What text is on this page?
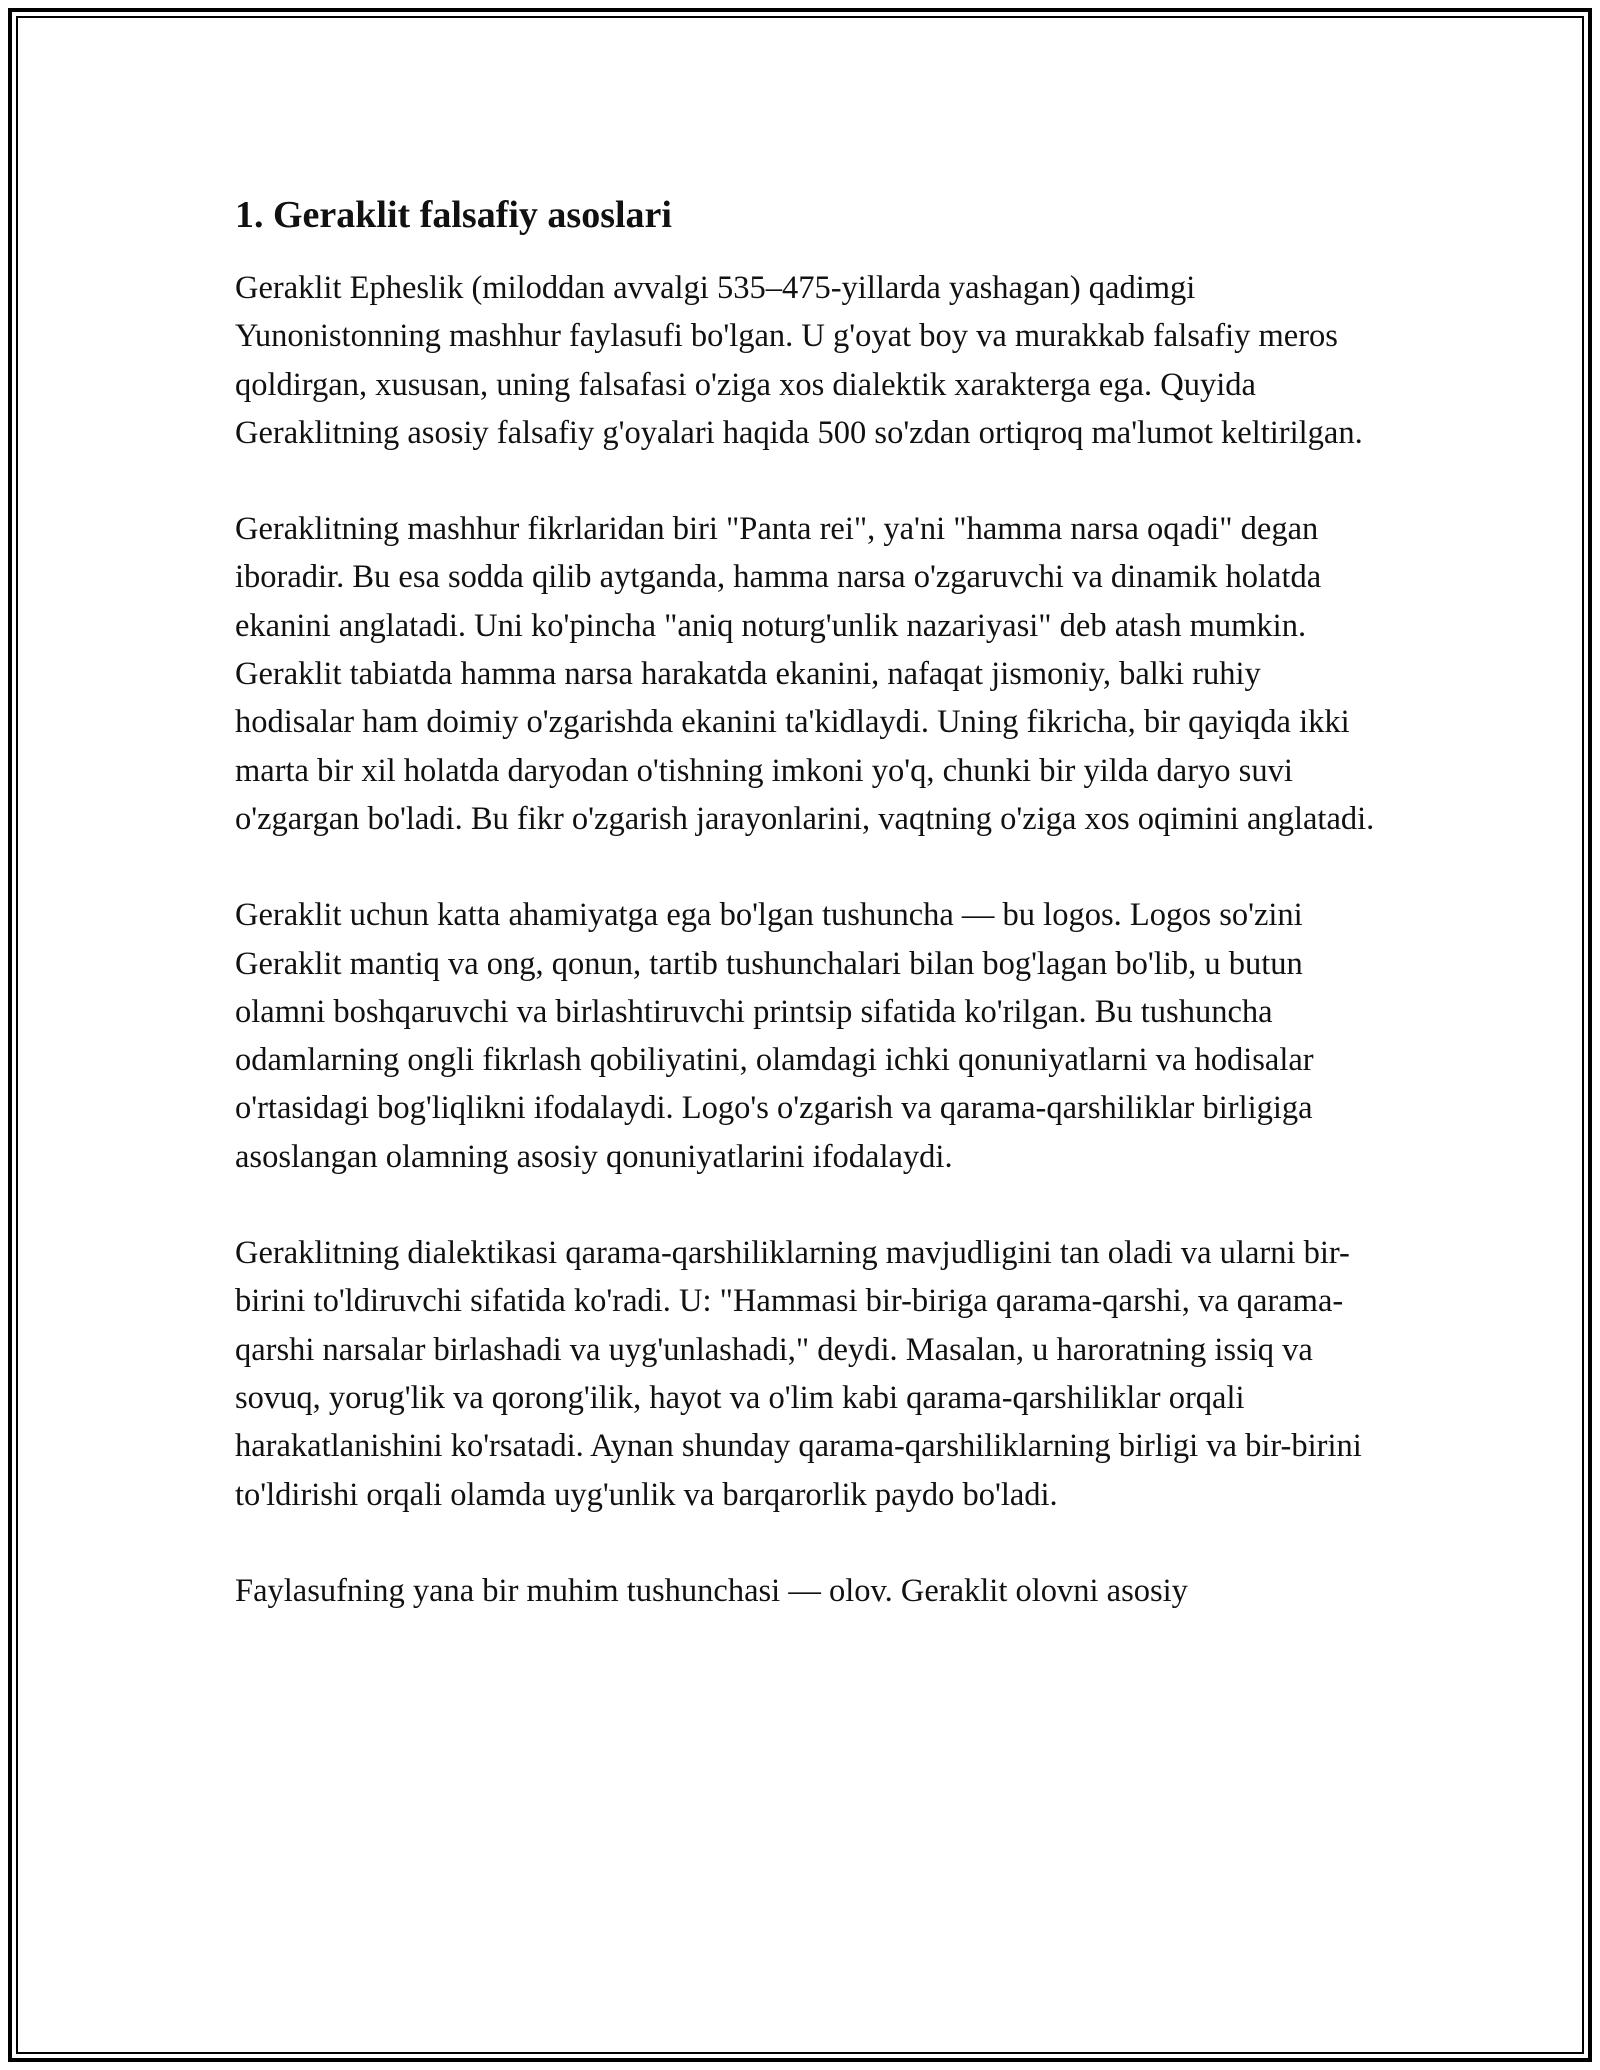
1. Geraklit falsafiy asoslari

Geraklit Epheslik (miloddan avvalgi 535–475-yillarda yashagan) qadimgi Yunonistonning mashhur faylasufi bo'lgan. U g'oyat boy va murakkab falsafiy meros qoldirgan, xususan, uning falsafasi o'ziga xos dialektik xarakterga ega. Quyida Geraklitning asosiy falsafiy g'oyalari haqida 500 so'zdan ortiqroq ma'lumot keltirilgan.

Geraklitning mashhur fikrlaridan biri "Panta rei", ya'ni "hamma narsa oqadi" degan iboradir. Bu esa sodda qilib aytganda, hamma narsa o'zgaruvchi va dinamik holatda ekanini anglatadi. Uni ko'pincha "aniq noturg'unlik nazariyasi" deb atash mumkin. Geraklit tabiatda hamma narsa harakatda ekanini, nafaqat jismoniy, balki ruhiy hodisalar ham doimiy o'zgarishda ekanini ta'kidlaydi. Uning fikricha, bir qayiqda ikki marta bir xil holatda daryodan o'tishning imkoni yo'q, chunki bir yilda daryo suvi o'zgargan bo'ladi. Bu fikr o'zgarish jarayonlarini, vaqtning o'ziga xos oqimini anglatadi.

Geraklit uchun katta ahamiyatga ega bo'lgan tushuncha — bu logos. Logos so'zini Geraklit mantiq va ong, qonun, tartib tushunchalari bilan bog'lagan bo'lib, u butun olamni boshqaruvchi va birlashtiruvchi printsip sifatida ko'rilgan. Bu tushuncha odamlarning ongli fikrlash qobiliyatini, olamdagi ichki qonuniyatlarni va hodisalar o'rtasidagi bog'liqlikni ifodalaydi. Logo's o'zgarish va qarama-qarshiliklar birligiga asoslangan olamning asosiy qonuniyatlarini ifodalaydi.

Geraklitning dialektikasi qarama-qarshiliklarning mavjudligini tan oladi va ularni bir-birini to'ldiruvchi sifatida ko'radi. U: "Hammasi bir-biriga qarama-qarshi, va qarama-qarshi narsalar birlashadi va uyg'unlashadi," deydi. Masalan, u haroratning issiq va sovuq, yorug'lik va qorong'ilik, hayot va o'lim kabi qarama-qarshiliklar orqali harakatlanishini ko'rsatadi. Aynan shunday qarama-qarshiliklarning birligi va bir-birini to'ldirishi orqali olamda uyg'unlik va barqarorlik paydo bo'ladi.

Faylasufning yana bir muhim tushunchasi — olov. Geraklit olovni asosiy
